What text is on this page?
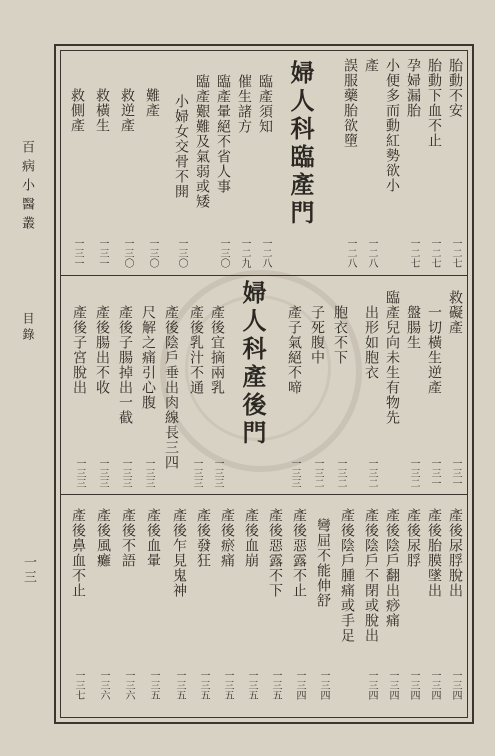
百病小醫叢
目錄
一三
胎動不安
一二七
胎動下血不止
一二七
孕婦漏胎
一二七
小便多而動紅勢欲小
產
一二八
誤服藥胎欲墮
一二八
婦人科臨產門
臨產須知
一二八
催生諸方
一二九
臨產暈絕不省人事
一三〇
臨產艱難及氣弱或矮
小婦女交骨不開
一三〇
難產
一三〇
救逆產
一三〇
救橫生
一三一
救側產
一三一
救礙產
一三一
一切橫生逆產
一三一
盤腸生
一三二
臨產兒向未生有物先
出形如胞衣
一三二
胞衣不下
一三二
子死腹中
一三二
產子氣絕不啼
一三三
婦人科產後門
產後宜摘兩乳
一三三
產後乳汁不通
一三三
產後陰戶垂出肉線長三四
尺解之痛引心腹
一三三
產後子腸掉出一截
一三三
產後腸出不收
一三三
產後子宮脫出
一三三
產後尿脬脫出
一三四
產後胎膜墜出
一三四
產後尿脬
一三四
產後陰戶翻出痧痛
一三四
產後陰戶不閉或脫出
一三四
產後陰戶腫痛或手足
彎屈不能伸舒
一三四
產後惡露不止
一三四
產後惡露不下
一三五
產後血崩
一三五
產後瘀痛
一三五
產後發狂
一三五
產後乍見鬼神
一三五
產後血暈
一三五
產後不語
一三六
產後風癱
一三六
產後鼻血不止
一三七
